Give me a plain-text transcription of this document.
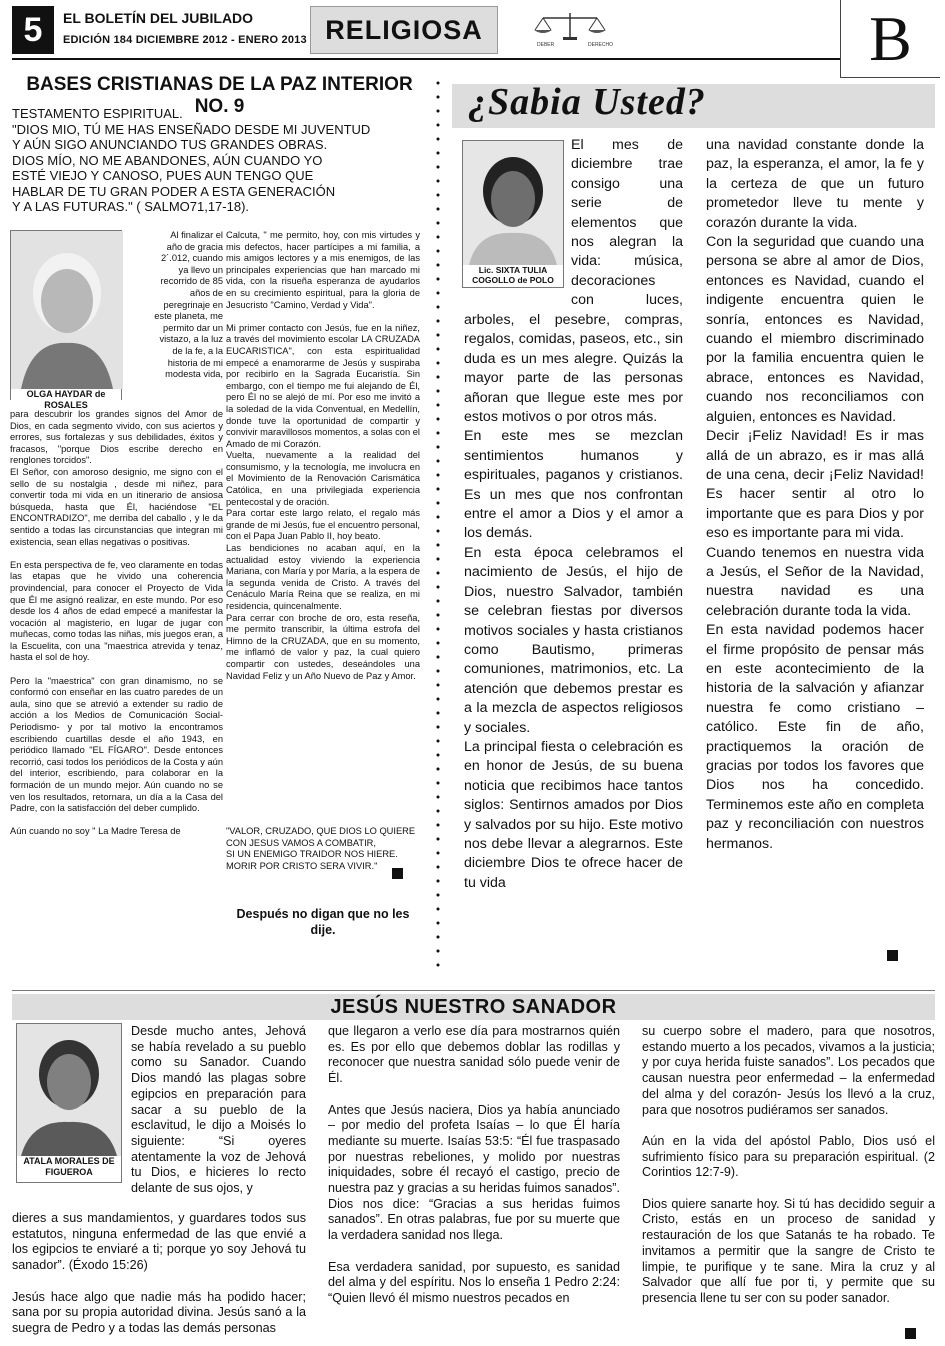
5	EL BOLETÍN DEL JUBILADO
EDICIÓN 184 DICIEMBRE 2012 - ENERO 2013 RELIGIOSA	DEBER	DERECHO	B
BASES CRISTIANAS DE LA PAZ INTERIOR NO. 9
TESTAMENTO ESPIRITUAL.
"DIOS MIO, TÚ ME HAS ENSEÑADO DESDE MI JUVENTUD
Y AÚN SIGO ANUNCIANDO TUS GRANDES OBRAS.
DIOS MÍO, NO ME ABANDONES, AÚN CUANDO YO
ESTÉ VIEJO Y CANOSO, PUES AUN TENGO QUE
HABLAR DE TU GRAN PODER A ESTA GENERACIÓN
Y A LAS FUTURAS." ( SALMO71,17-18).
OLGA HAYDAR de ROSALES
Al finalizar el
año de gracia
2´.012, cuando
ya llevo un
recorrido de 85
años de
peregrinaje en
este planeta, me
permito dar un
vistazo, a la luz
de la fe, a la
historia de mi
modesta vida,
para descubrir los grandes signos del Amor de Dios, en cada segmento vivido, con sus aciertos y errores, sus fortalezas y sus debilidades, éxitos y fracasos, "porque Dios escribe derecho en renglones torcidos".
El Señor, con amoroso designio, me signo con el sello de su nostalgia , desde mi niñez, para convertir toda mi vida en un itinerario de ansiosa búsqueda, hasta que Él, haciéndose "EL ENCONTRADIZO", me derriba del caballo , y le da sentido a todas las circunstancias que integran mi existencia, sean ellas negativas o positivas.

En esta perspectiva de fe, veo claramente en todas las etapas que he vivido una coherencia provindencial, para conocer el Proyecto de Vida que Él me asignó realizar, en este mundo. Por eso desde los 4 años de edad empecé a manifestar la vocación al magisterio, en lugar de jugar con muñecas, como todas las niñas, mis juegos eran, a la Escuelita, con una "maestrica atrevida y tenaz, hasta el sol de hoy.

Pero la "maestrica" con gran dinamismo, no se conformó con enseñar en las cuatro paredes de un aula, sino que se atrevió a extender su radio de acción a los Medios de Comunicación Social- Periodismo- y por tal motivo la encontramos escribiendo cuartillas desde el año 1943, en periódico llamado "EL FÍGARO". Desde entonces recorrió, casi todos los periódicos de la Costa y aún del interior, escribiendo, para colaborar en la formación de un mundo mejor. Aún cuando no se ven los resultados, retornara, un día a la Casa del Padre, con la satisfacción del deber cumplido.

Aún cuando no soy " La Madre Teresa de
Calcuta, " me permito, hoy, con mis virtudes y mis defectos, hacer partícipes a mi familia, a mis amigos lectores y a mis enemigos, de las principales experiencias que han marcado mi vida, con la risueña esperanza de ayudarlos en su crecimiento espiritual, para la gloria de Jesucristo "Camino, Verdad y Vida".

Mi primer contacto con Jesús, fue en la niñez, a través del movimiento escolar LA CRUZADA EUCARISTICA", con esta espiritualidad empecé a enamorarme de Jesús y suspiraba por recibirlo en la Sagrada Eucaristía. Sin embargo, con el tiempo me fui alejando de Él, pero Él no se alejó de mí. Por eso me invitó a la soledad de la vida Conventual, en Medellín, donde tuve la oportunidad de compartir y convivir maravillosos momentos, a solas con el Amado de mi Corazón.
Vuelta, nuevamente a la realidad del consumismo, y la tecnología, me involucra en el Movimiento de la Renovación Carismática Católica, en una privilegiada experiencia pentecostal y de oración.
Para cortar este largo relato, el regalo más grande de mi Jesús, fue el encuentro personal, con el Papa Juan Pablo II, hoy beato.
Las bendiciones no acaban aquí, en la actualidad estoy viviendo la experiencia Mariana, con María y por María, a la espera de la segunda venida de Cristo. A través del Cenáculo María Reina que se realiza, en mi residencia, quincenalmente.
Para cerrar con broche de oro, esta reseña, me permito transcribir, la última estrofa del Himno de la CRUZADA, que en su momento, me inflamó de valor y paz, la cual quiero compartir con ustedes, deseándoles una Navidad Feliz y un Año Nuevo de Paz y Amor.
"VALOR, CRUZADO, QUE DIOS LO QUIERE
CON JESUS VAMOS A COMBATIR,
SI UN ENEMIGO TRAIDOR NOS HIERE.
MORIR POR CRISTO SERA VIVIR."
Después no digan que no les dije.
¿Sabia Usted?
Lic. SIXTA TULIA COGOLLO de POLO
El mes de
diciembre trae
consigo una
serie de
elementos que
nos alegran la
vida: música,
decoraciones
con luces,
arboles, el pesebre, compras, regalos, comidas, paseos, etc., sin duda es un mes alegre. Quizás la mayor parte de las personas añoran que llegue este mes por estos motivos o por otros más.
En este mes se mezclan sentimientos humanos y espirituales, paganos y cristianos. Es un mes que nos confrontan entre el amor a Dios y el amor a los demás.
En esta época celebramos el nacimiento de Jesús, el hijo de Dios, nuestro Salvador, también se celebran fiestas por diversos motivos sociales y hasta cristianos como Bautismo, primeras comuniones, matrimonios, etc. La atención que debemos prestar es a la mezcla de aspectos religiosos y sociales.
La principal fiesta o celebración es en honor de Jesús, de su buena noticia que recibimos hace tantos siglos: Sentirnos amados por Dios y salvados por su hijo. Este motivo nos debe llevar a alegrarnos. Este diciembre Dios te ofrece hacer de tu vida
una navidad constante donde la paz, la esperanza, el amor, la fe y la certeza de que un futuro prometedor lleve tu mente y corazón durante la vida.
Con la seguridad que cuando una persona se abre al amor de Dios, entonces es Navidad, cuando el indigente encuentra quien le sonría, entonces es Navidad, cuando el miembro discriminado por la familia encuentra quien le abrace, entonces es Navidad, cuando nos reconciliamos con alguien, entonces es Navidad.
Decir ¡Feliz Navidad! Es ir mas allá de un abrazo, es ir mas allá de una cena, decir ¡Feliz Navidad! Es hacer sentir al otro lo importante que es para Dios y por eso es importante para mi vida.
Cuando tenemos en nuestra vida a Jesús, el Señor de la Navidad, nuestra navidad es una celebración durante toda la vida.
En esta navidad podemos hacer el firme propósito de pensar más en este acontecimiento de la historia de la salvación y afianzar nuestra fe como cristiano – católico. Este fin de año, practiquemos la oración de gracias por todos los favores que Dios nos ha concedido. Terminemos este año en completa paz y reconciliación con nuestros hermanos.
JESÚS NUESTRO SANADOR
ATALA MORALES DE FIGUEROA
Desde mucho antes, Jehová se había revelado a su pueblo como su Sanador. Cuando Dios mandó las plagas sobre egipcios en preparación para sacar a su pueblo de la esclavitud, le dijo a Moisés lo siguiente: “Si oyeres atentamente la voz de Jehová tu Dios, e hicieres lo recto delante de sus ojos, y
dieres a sus mandamientos, y guardares todos sus estatutos, ninguna enfermedad de las que envié a los egipcios te enviaré a ti; porque yo soy Jehová tu sanador”. (Éxodo 15:26)

Jesús hace algo que nadie más ha podido hacer; sana por su propia autoridad divina. Jesús sanó a la suegra de Pedro y a todas las demás personas
que llegaron a verlo ese día para mostrarnos quién es. Es por ello que debemos doblar las rodillas y reconocer que nuestra sanidad sólo puede venir de Él.

Antes que Jesús naciera, Dios ya había anunciado – por medio del profeta Isaías – lo que Él haría mediante su muerte. Isaías 53:5: “Él fue traspasado por nuestras rebeliones, y molido por nuestras iniquidades, sobre él recayó el castigo, precio de nuestra paz y gracias a su heridas fuimos sanados”. Dios nos dice: “Gracias a sus heridas fuimos sanados”. En otras palabras, fue por su muerte que la verdadera sanidad nos llega.

Esa verdadera sanidad, por supuesto, es sanidad del alma y del espíritu. Nos lo enseña 1 Pedro 2:24: “Quien llevó él mismo nuestros pecados en
su cuerpo sobre el madero, para que nosotros, estando muerto a los pecados, vivamos a la justicia; y por cuya herida fuiste sanados”. Los pecados que causan nuestra peor enfermedad – la enfermedad del alma y del corazón- Jesús los llevó a la cruz, para que nosotros pudiéramos ser sanados.

Aún en la vida del apóstol Pablo, Dios usó el sufrimiento físico para su preparación espiritual. (2 Corintios 12:7-9).

Dios quiere sanarte hoy. Si tú has decidido seguir a Cristo, estás en un proceso de sanidad y restauración de los que Satanás te ha robado. Te invitamos a permitir que la sangre de Cristo te limpie, te purifique y te sane. Mira la cruz y al Salvador que allí fue por ti, y permite que su presencia llene tu ser con su poder sanador.
